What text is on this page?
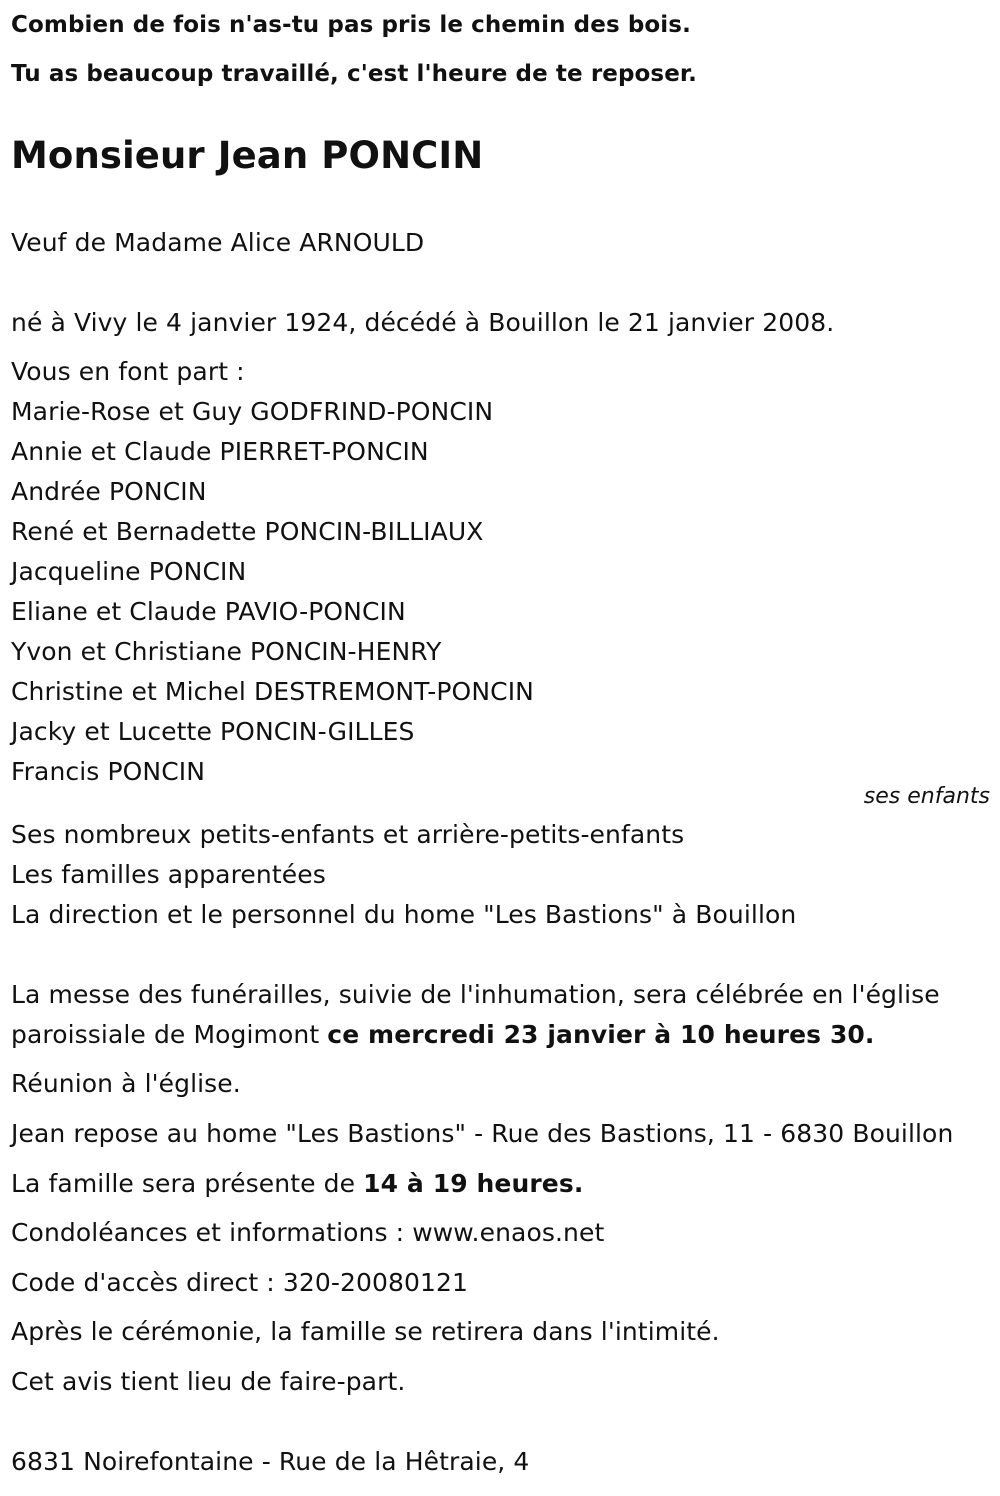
Combien de fois n'as-tu pas pris le chemin des bois.
Tu as beaucoup travaillé, c'est l'heure de te reposer.
Monsieur Jean PONCIN
Veuf de Madame Alice ARNOULD
né à Vivy le 4 janvier 1924, décédé à Bouillon le 21 janvier 2008.
Vous en font part :
Marie-Rose et Guy GODFRIND-PONCIN
Annie et Claude PIERRET-PONCIN
Andrée PONCIN
René et Bernadette PONCIN-BILLIAUX
Jacqueline PONCIN
Eliane et Claude PAVIO-PONCIN
Yvon et Christiane PONCIN-HENRY
Christine et Michel DESTREMONT-PONCIN
Jacky et Lucette PONCIN-GILLES
Francis PONCIN
ses enfants
Ses nombreux petits-enfants et arrière-petits-enfants
Les familles apparentées
La direction et le personnel du home "Les Bastions" à Bouillon
La messe des funérailles, suivie de l'inhumation, sera célébrée en l'église
paroissiale de Mogimont ce mercredi 23 janvier à 10 heures 30.
Réunion à l'église.
Jean repose au home "Les Bastions" - Rue des Bastions, 11 - 6830 Bouillon
La famille sera présente de 14 à 19 heures.
Condoléances et informations : www.enaos.net
Code d'accès direct : 320-20080121
Après le cérémonie, la famille se retirera dans l'intimité.
Cet avis tient lieu de faire-part.
6831 Noirefontaine - Rue de la Hêtraie, 4
